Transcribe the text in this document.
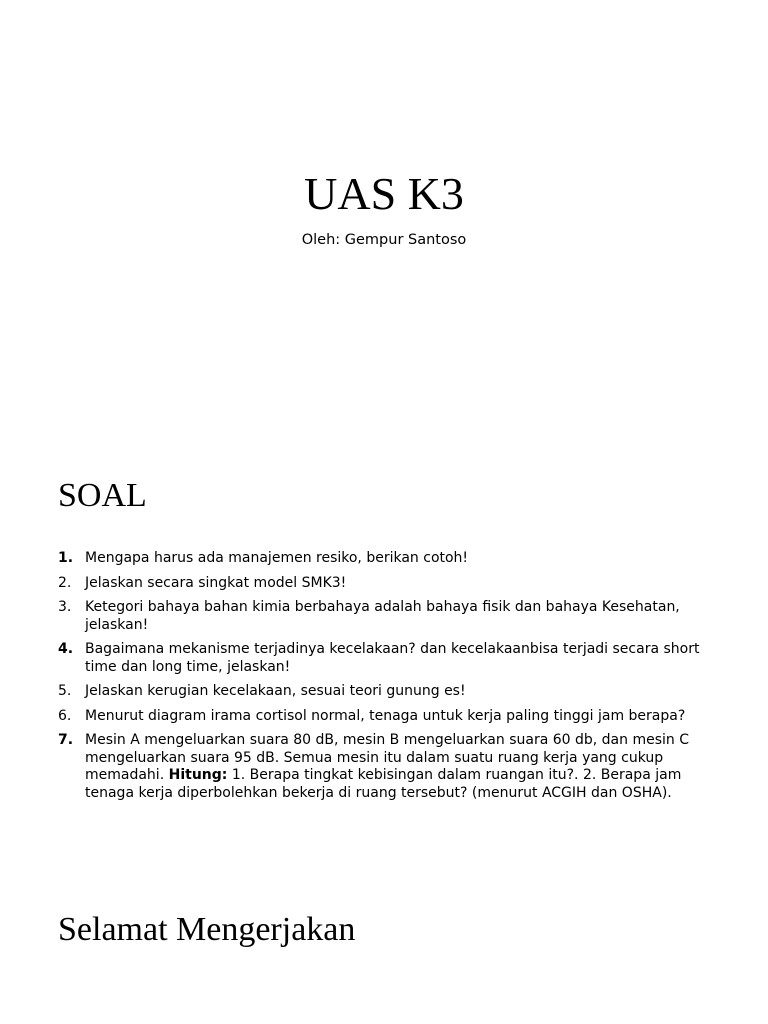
UAS K3
Oleh: Gempur Santoso
SOAL
1. Mengapa harus ada manajemen resiko, berikan cotoh!
2. Jelaskan secara singkat model SMK3!
3. Ketegori bahaya bahan kimia berbahaya adalah bahaya fisik dan bahaya Kesehatan, jelaskan!
4. Bagaimana mekanisme terjadinya kecelakaan? dan kecelakaanbisa terjadi secara short time dan long time, jelaskan!
5. Jelaskan kerugian kecelakaan, sesuai teori gunung es!
6. Menurut diagram irama cortisol normal, tenaga untuk kerja paling tinggi jam berapa?
7. Mesin A mengeluarkan suara 80 dB, mesin B mengeluarkan suara 60 db, dan mesin C mengeluarkan suara 95 dB. Semua mesin itu dalam suatu ruang kerja yang cukup memadahi. Hitung: 1. Berapa tingkat kebisingan dalam ruangan itu?. 2. Berapa jam tenaga kerja diperbolehkan bekerja di ruang tersebut? (menurut ACGIH dan OSHA).
Selamat Mengerjakan
